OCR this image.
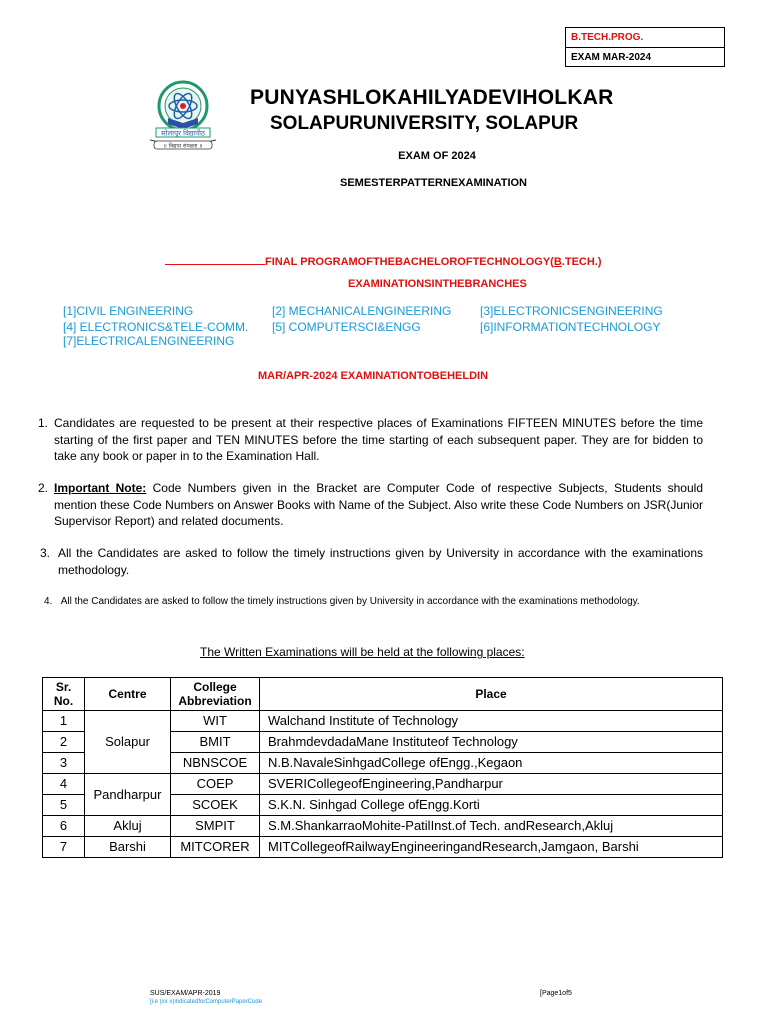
B.TECH.PROG.
EXAM MAR-2024
सोलापूर विद्यापीठ
॥ विद्यया संपन्नता ॥
PUNYASHLOKAHILYADEVIHOLKAR
SOLAPURUNIVERSITY, SOLAPUR
EXAM OF 2024
SEMESTERPATTERNEXAMINATION
FINAL PROGRAMOFTHEBACHELOROFTECHNOLOGY(B.TECH.)
EXAMINATIONSINTHEBRANCHES
[1]CIVIL ENGINEERING	[2] MECHANICALENGINEERING [3]ELECTRONICSENGINEERING
[4] ELECTRONICS&TELE-COMM. [5] COMPUTERSCI&ENGG	[6]INFORMATIONTECHNOLOGY
[7]ELECTRICALENGINEERING
MAR/APR-2024 EXAMINATIONTOBEHELDIN
1. Candidates are requested to be present at their respective places of Examinations FIFTEEN MINUTES before the time starting of the first paper and TEN MINUTES before the time starting of each subsequent paper. They are for bidden to take any book or paper in to the Examination Hall.
2. Important Note: Code Numbers given in the Bracket are Computer Code of respective Subjects, Students should mention these Code Numbers on Answer Books with Name of the Subject. Also write these Code Numbers on JSR(Junior Supervisor Report) and related documents.
3. All the Candidates are asked to follow the timely instructions given by University in accordance with the examinations methodology.
4. All the Candidates are asked to follow the timely instructions given by University in accordance with the examinations methodology.
The Written Examinations will be held at the following places:
Sr. No.	Centre	College Abbreviation	Place
1	Solapur	WIT	Walchand Institute of Technology
2		BMIT	BrahmdevdadaMane Instituteof Technology
3		NBNSCOE	N.B.NavaleSinhgadCollege ofEngg.,Kegaon
4	Pandharpur	COEP	SVERICollegeofEngineering,Pandharpur
5		SCOEK	S.K.N. Sinhgad College ofEngg.Korti
6	Akluj	SMPIT	S.M.ShankarraoMohite-PatilInst.of Tech. andResearch,Akluj
7	Barshi	MITCORER	MITCollegeofRailwayEngineeringandResearch,Jamgaon, Barshi
SUS/EXAM/APR-2019
[i.e (xx x)indicatedforComputerPaperCode
[Page1of5
